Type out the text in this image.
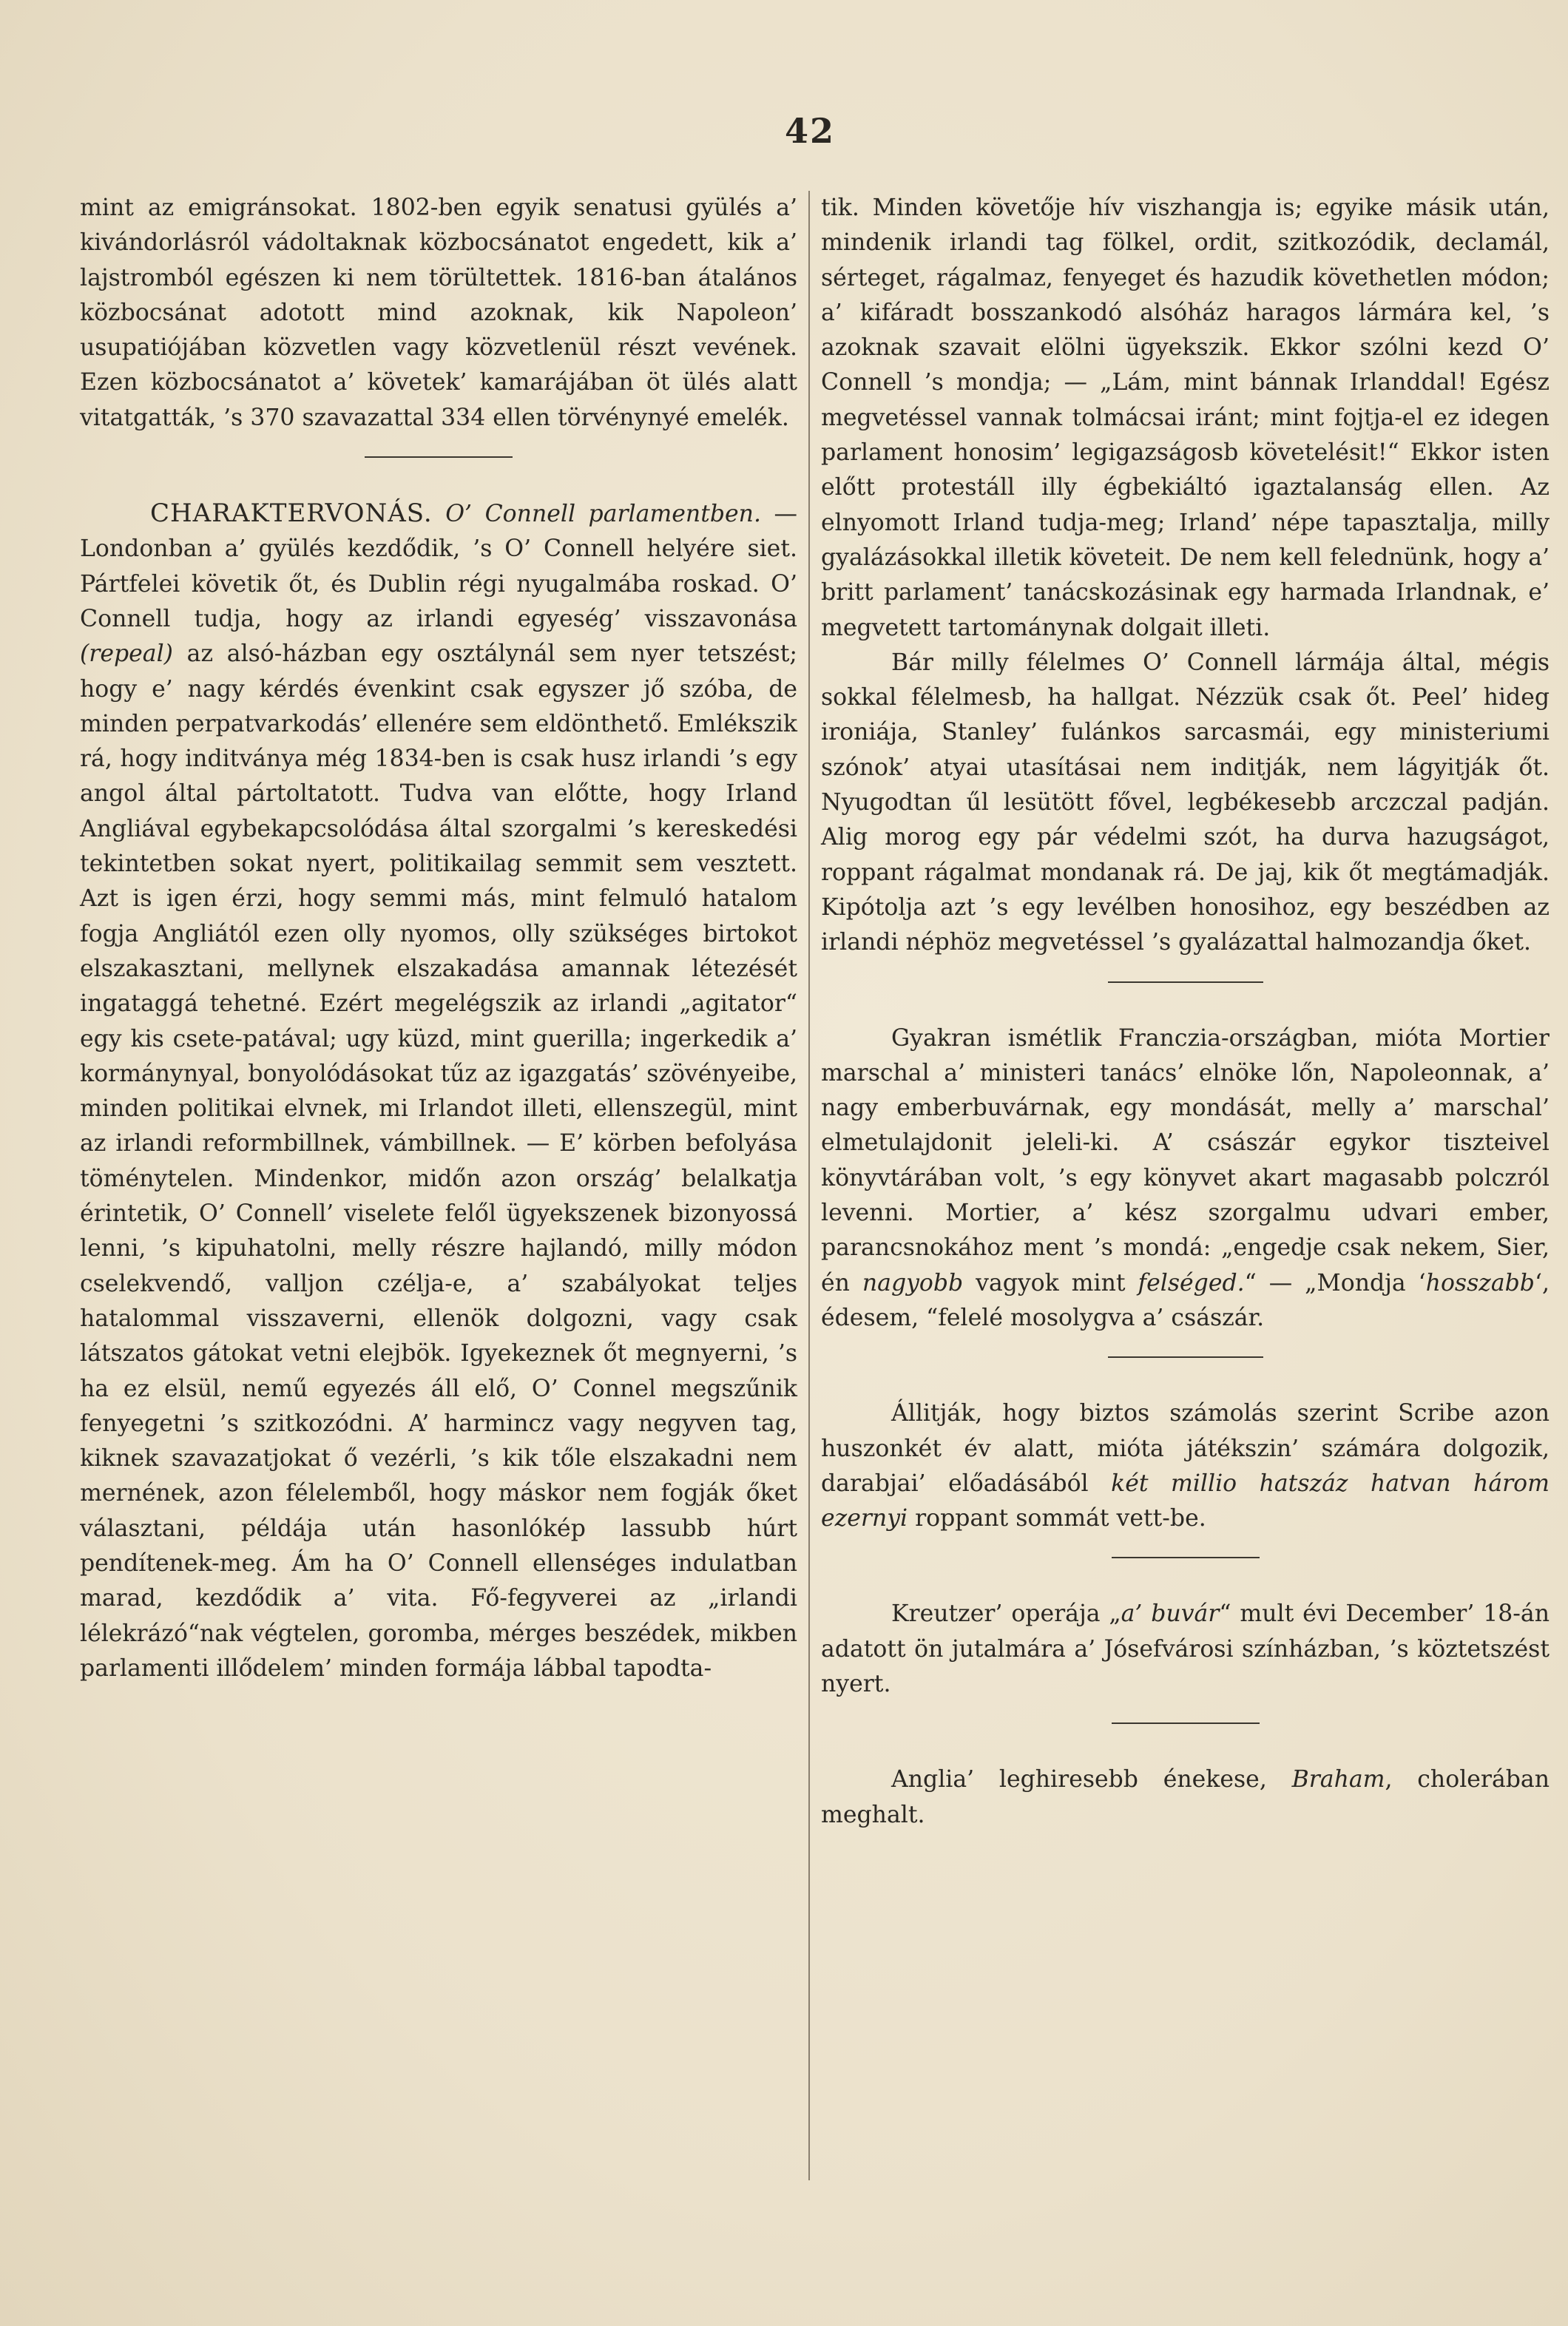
42

mint az emigránsokat. 1802-ben egyik senatusi gyülés a’ kivándorlásról vádoltaknak közbocsánatot engedett, kik a’ lajstromból egészen ki nem törültettek. 1816-ban átalános közbocsánat adotott mind azoknak, kik Napoleon’ usupatiójában közvetlen vagy közvetlenül részt vevének. Ezen közbocsánatot a’ követek’ kamarájában öt ülés alatt vitatgatták, ’s 370 szavazattal 334 ellen törvénynyé emelék.

CHARAKTERVONÁS. O’ Connell parlamentben. — Londonban a’ gyülés kezdődik, ’s O’ Connell helyére siet. Pártfelei követik őt, és Dublin régi nyugalmába roskad. O’ Connell tudja, hogy az irlandi egyeség’ visszavonása (repeal) az alsó-házban egy osztálynál sem nyer tetszést; hogy e’ nagy kérdés évenkint csak egyszer jő szóba, de minden perpatvarkodás’ ellenére sem eldönthető. Emlékszik rá, hogy inditványa még 1834-ben is csak husz irlandi ’s egy angol által pártoltatott. Tudva van előtte, hogy Irland Angliával egybekapcsolódása által szorgalmi ’s kereskedési tekintetben sokat nyert, politikailag semmit sem vesztett. Azt is igen érzi, hogy semmi más, mint felmuló hatalom fogja Angliától ezen olly nyomos, olly szükséges birtokot elszakasztani, mellynek elszakadása amannak létezését ingataggá tehetné. Ezért megelégszik az irlandi „agitator“ egy kis csete-patával; ugy küzd, mint guerilla; ingerkedik a’ kormánynyal, bonyolódásokat tűz az igazgatás’ szövényeibe, minden politikai elvnek, mi Irlandot illeti, ellenszegül, mint az irlandi reformbillnek, vámbillnek. — E’ körben befolyása töménytelen. Mindenkor, midőn azon ország’ belalkatja érintetik, O’ Connell’ viselete felől ügyekszenek bizonyossá lenni, ’s kipuhatolni, melly részre hajlandó, milly módon cselekvendő, valljon czélja-e, a’ szabályokat teljes hatalommal visszaverni, ellenök dolgozni, vagy csak látszatos gátokat vetni elejbök. Igyekeznek őt megnyerni, ’s ha ez elsül, nemű egyezés áll elő, O’ Connel megszűnik fenyegetni ’s szitkozódni. A’ harmincz vagy negyven tag, kiknek szavazatjokat ő vezérli, ’s kik tőle elszakadni nem mernének, azon félelemből, hogy máskor nem fogják őket választani, példája után hasonlókép lassubb húrt pendítenek-meg. Ám ha O’ Connell ellenséges indulatban marad, kezdődik a’ vita. Fő-fegyverei az „irlandi lélekrázó“nak végtelen, goromba, mérges beszédek, mikben parlamenti illődelem’ minden formája lábbal tapodta-

tik. Minden követője hív viszhangja is; egyike másik után, mindenik irlandi tag fölkel, ordit, szitkozódik, declamál, sérteget, rágalmaz, fenyeget és hazudik követhetlen módon; a’ kifáradt bosszankodó alsóház haragos lármára kel, ’s azoknak szavait elölni ügyekszik. Ekkor szólni kezd O’ Connell ’s mondja; — „Lám, mint bánnak Irlanddal! Egész megvetéssel vannak tolmácsai iránt; mint fojtja-el ez idegen parlament honosim’ legigazságosb követelésit!“ Ekkor isten előtt protestáll illy égbekiáltó igaztalanság ellen. Az elnyomott Irland tudja-meg; Irland’ népe tapasztalja, milly gyalázásokkal illetik követeit. De nem kell felednünk, hogy a’ britt parlament’ tanácskozásinak egy harmada Irlandnak, e’ megvetett tartománynak dolgait illeti.

Bár milly félelmes O’ Connell lármája által, mégis sokkal félelmesb, ha hallgat. Nézzük csak őt. Peel’ hideg ironiája, Stanley’ fulánkos sarcasmái, egy ministeriumi szónok’ atyai utasításai nem inditják, nem lágyitják őt. Nyugodtan űl lesütött fővel, legbékesebb arczczal padján. Alig morog egy pár védelmi szót, ha durva hazugságot, roppant rágalmat mondanak rá. De jaj, kik őt megtámadják. Kipótolja azt ’s egy levélben honosihoz, egy beszédben az irlandi néphöz megvetéssel ’s gyalázattal halmozandja őket.

Gyakran ismétlik Franczia-országban, mióta Mortier marschal a’ ministeri tanács’ elnöke lőn, Napoleonnak, a’ nagy emberbuvárnak, egy mondását, melly a’ marschal’ elmetulajdonit jeleli-ki. A’ császár egykor tiszteivel könyvtárában volt, ’s egy könyvet akart magasabb polczról levenni. Mortier, a’ kész szorgalmu udvari ember, parancsnokához ment ’s mondá: „engedje csak nekem, Sier, én nagyobb vagyok mint felséged.“ — „Mondja ‘hosszabb‘, édesem, “felelé mosolygva a’ császár.

Állitják, hogy biztos számolás szerint Scribe azon huszonkét év alatt, mióta játékszin’ számára dolgozik, darabjai’ előadásából két millio hatszáz hatvan három ezernyi roppant sommát vett-be.

Kreutzer’ operája „a’ buvár“ mult évi December’ 18-án adatott ön jutalmára a’ Jósefvárosi színházban, ’s köztetszést nyert.

Anglia’ leghiresebb énekese, Braham, cholerában meghalt.
